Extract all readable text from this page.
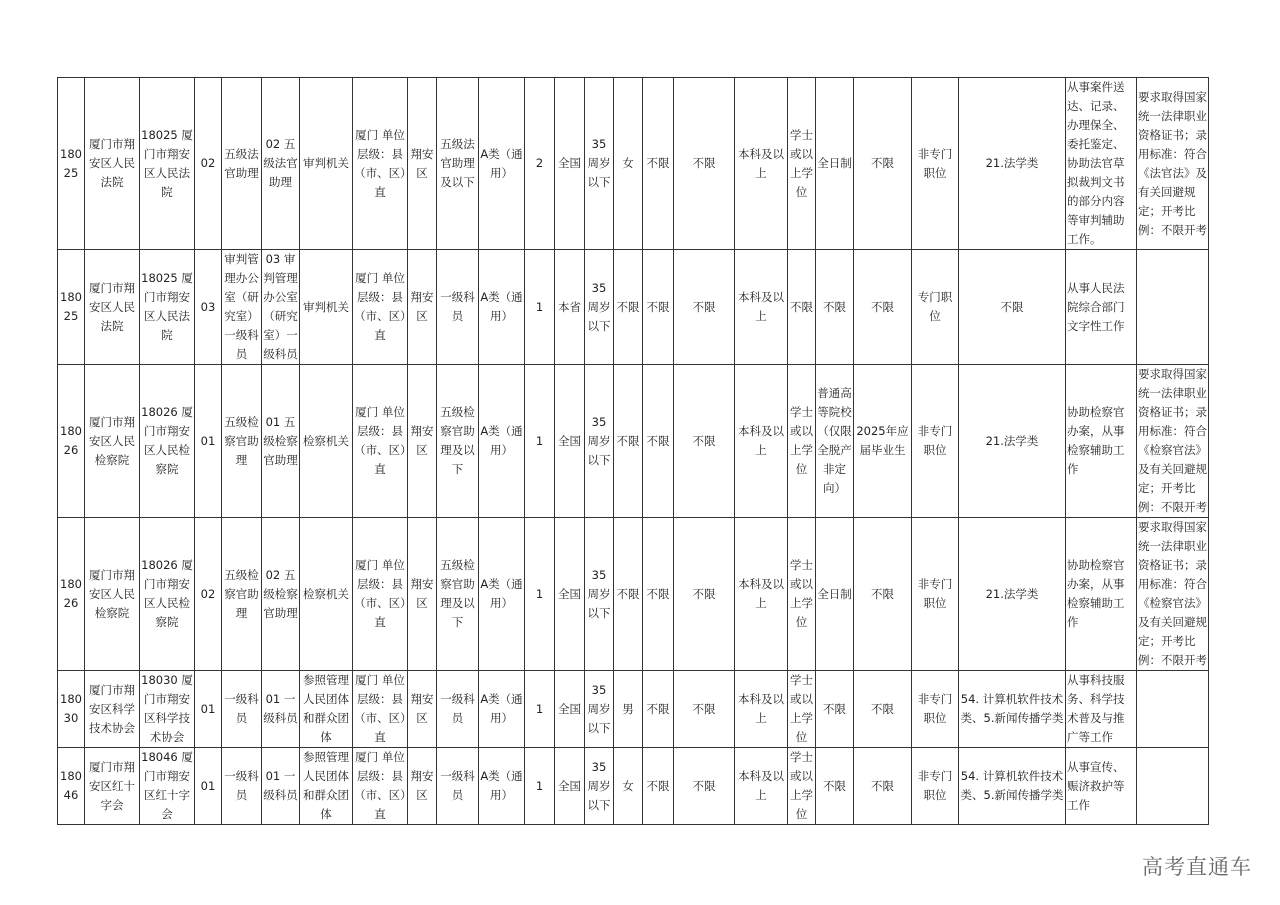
18025	厦门市翔安区人民法院	18025 厦门市翔安区人民法院	02	五级法官助理	02 五级法官助理	审判机关	厦门 单位层级：县（市、区）直	翔安区	五级法官助理及以下	A类（通用）	2	全国	35周岁以下	女	不限	不限	本科及以上	学士或以上学位	全日制	不限	非专门职位	21.法学类	从事案件送达、记录、办理保全、委托鉴定、协助法官草拟裁判文书的部分内容等审判辅助工作。	要求取得国家统一法律职业资格证书；录用标准：符合《法官法》及有关回避规定；开考比例：不限开考
18025	厦门市翔安区人民法院	18025 厦门市翔安区人民法院	03	审判管理办公室（研究室）一级科员	03 审判管理办公室（研究室）一级科员	审判机关	厦门 单位层级：县（市、区）直	翔安区	一级科员	A类（通用）	1	本省	35周岁以下	不限	不限	不限	本科及以上	不限	不限	不限	专门职位	不限	从事人民法院综合部门文字性工作	
18026	厦门市翔安区人民检察院	18026 厦门市翔安区人民检察院	01	五级检察官助理	01 五级检察官助理	检察机关	厦门 单位层级：县（市、区）直	翔安区	五级检察官助理及以下	A类（通用）	1	全国	35周岁以下	不限	不限	不限	本科及以上	学士或以上学位	普通高等院校（仅限全脱产非定向）	2025年应届毕业生	非专门职位	21.法学类	协助检察官办案，从事检察辅助工作	要求取得国家统一法律职业资格证书；录用标准：符合《检察官法》及有关回避规定；开考比例：不限开考
18026	厦门市翔安区人民检察院	18026 厦门市翔安区人民检察院	02	五级检察官助理	02 五级检察官助理	检察机关	厦门 单位层级：县（市、区）直	翔安区	五级检察官助理及以下	A类（通用）	1	全国	35周岁以下	不限	不限	不限	本科及以上	学士或以上学位	全日制	不限	非专门职位	21.法学类	协助检察官办案，从事检察辅助工作	要求取得国家统一法律职业资格证书；录用标准：符合《检察官法》及有关回避规定；开考比例：不限开考
18030	厦门市翔安区科学技术协会	18030 厦门市翔安区科学技术协会	01	一级科员	01 一级科员	参照管理人民团体和群众团体	厦门 单位层级：县（市、区）直	翔安区	一级科员	A类（通用）	1	全国	35周岁以下	男	不限	不限	本科及以上	学士或以上学位	不限	不限	非专门职位	54. 计算机软件技术类、5.新闻传播学类	从事科技服务、科学技术普及与推广等工作	
18046	厦门市翔安区红十字会	18046 厦门市翔安区红十字会	01	一级科员	01 一级科员	参照管理人民团体和群众团体	厦门 单位层级：县（市、区）直	翔安区	一级科员	A类（通用）	1	全国	35周岁以下	女	不限	不限	本科及以上	学士或以上学位	不限	不限	非专门职位	54. 计算机软件技术类、5.新闻传播学类	从事宣传、赈济救护等工作	
高考直通车
